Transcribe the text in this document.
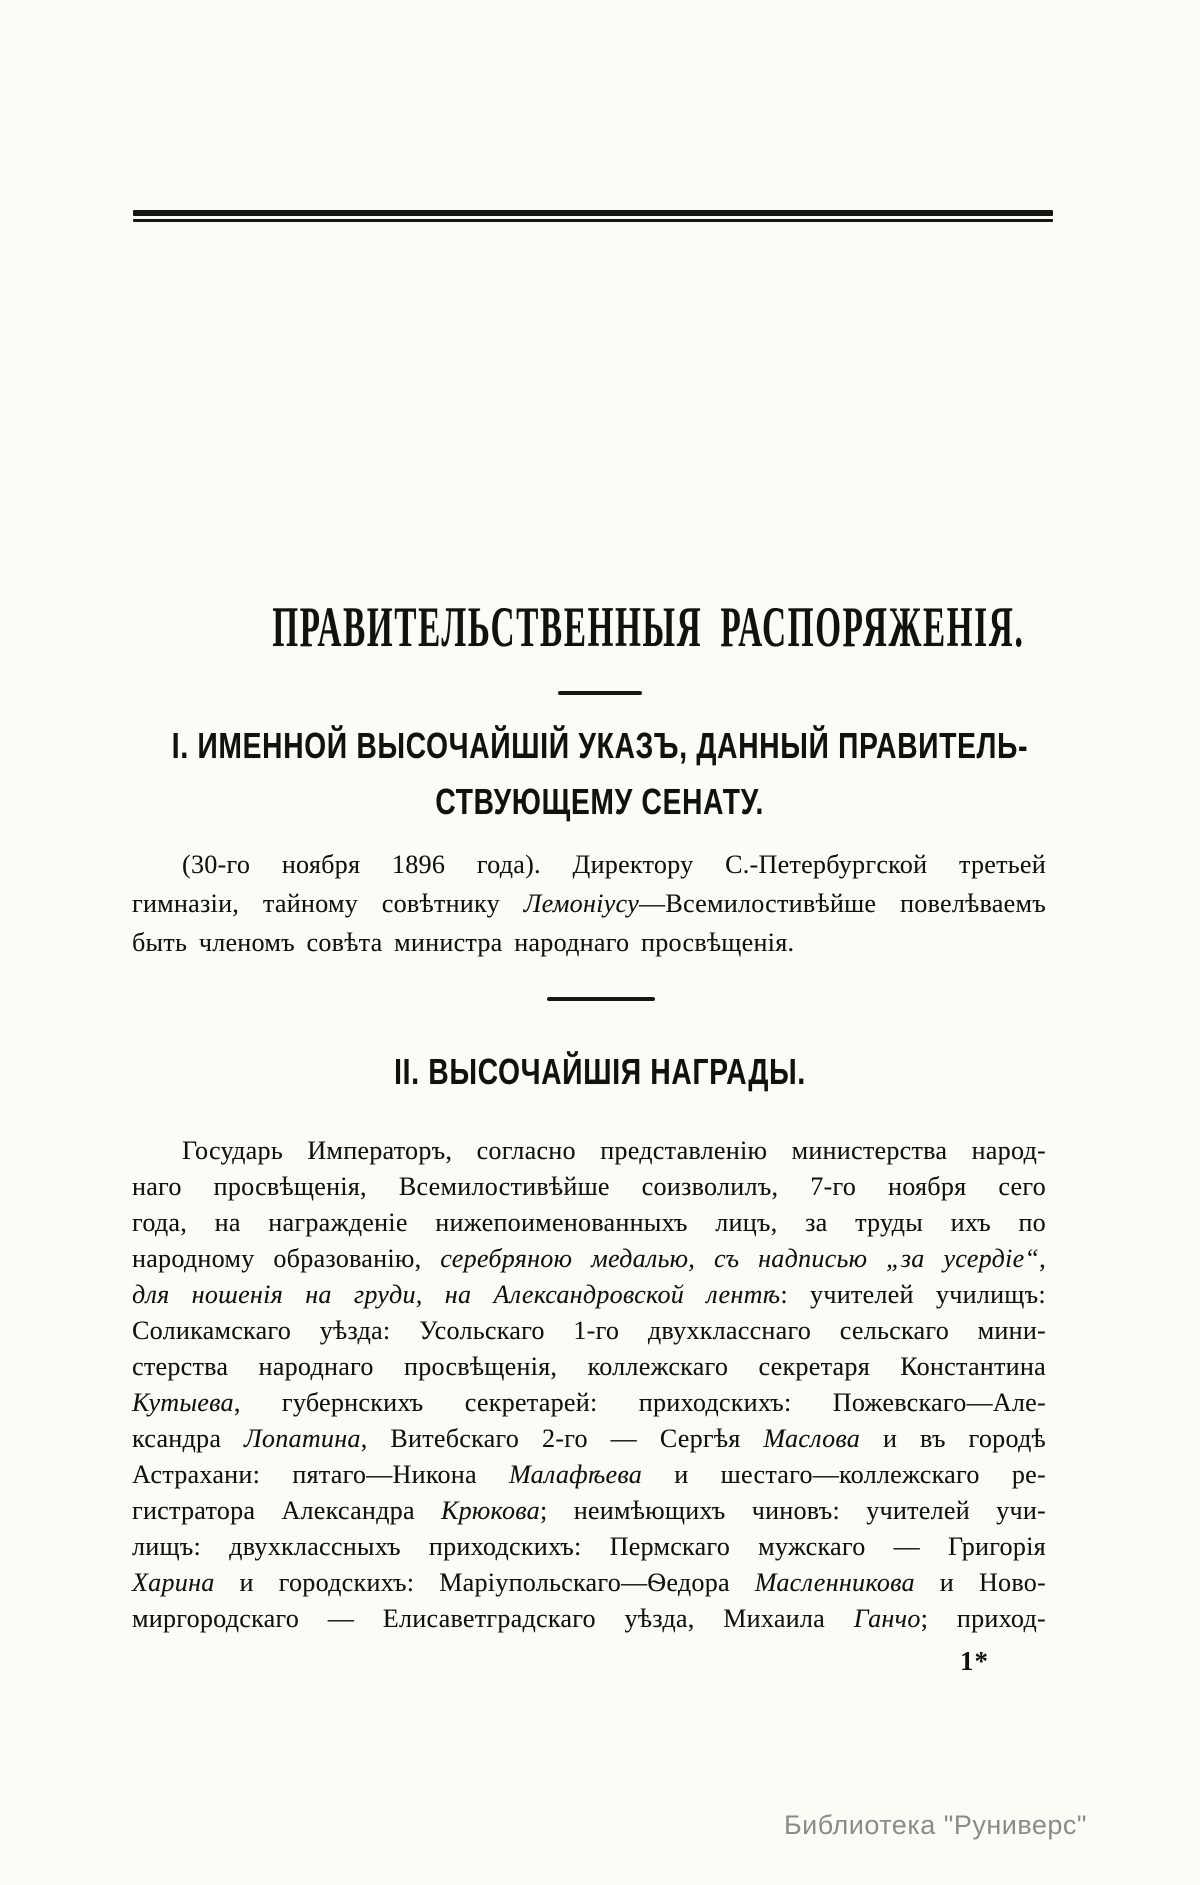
ПРАВИТЕЛЬСТВЕННЫЯ РАСПОРЯЖЕНІЯ.
І. ИМЕННОЙ ВЫСОЧАЙШІЙ УКАЗЪ, ДАННЫЙ ПРАВИТЕЛЬ-
СТВУЮЩЕМУ СЕНАТУ.
(30-го ноября 1896 года). Директору С.-Петербургской третьей
гимназіи, тайному совѣтнику Лемоніусу—Всемилостивѣйше повелѣваемъ
быть членомъ совѣта министра народнаго просвѣщенія.
ІІ. ВЫСОЧАЙШІЯ НАГРАДЫ.
Государь Императоръ, согласно представленію министерства народ-
наго просвѣщенія, Всемилостивѣйше соизволилъ, 7-го ноября сего
года, на награжденіе нижепоименованныхъ лицъ, за труды ихъ по
народному образованію, серебряною медалью, съ надписью „за усердіе“,
для ношенія на груди, на Александровской лентѣ: учителей училищъ:
Соликамскаго уѣзда: Усольскаго 1-го двухкласснаго сельскаго мини-
стерства народнаго просвѣщенія, коллежскаго секретаря Константина
Кутыева, губернскихъ секретарей: приходскихъ: Пожевскаго—Але-
ксандра Лопатина, Витебскаго 2-го — Сергѣя Маслова и въ городѣ
Астрахани: пятаго—Никона Малафѣева и шестаго—коллежскаго ре-
гистратора Александра Крюкова; неимѣющихъ чиновъ: учителей учи-
лищъ: двухклассныхъ приходскихъ: Пермскаго мужскаго — Григорія
Харина и городскихъ: Маріупольскаго—Ѳедора Масленникова и Ново-
миргородскаго — Елисаветградскаго уѣзда, Михаила Ганчо; приход-
1*
Библиотека "Руниверс"
